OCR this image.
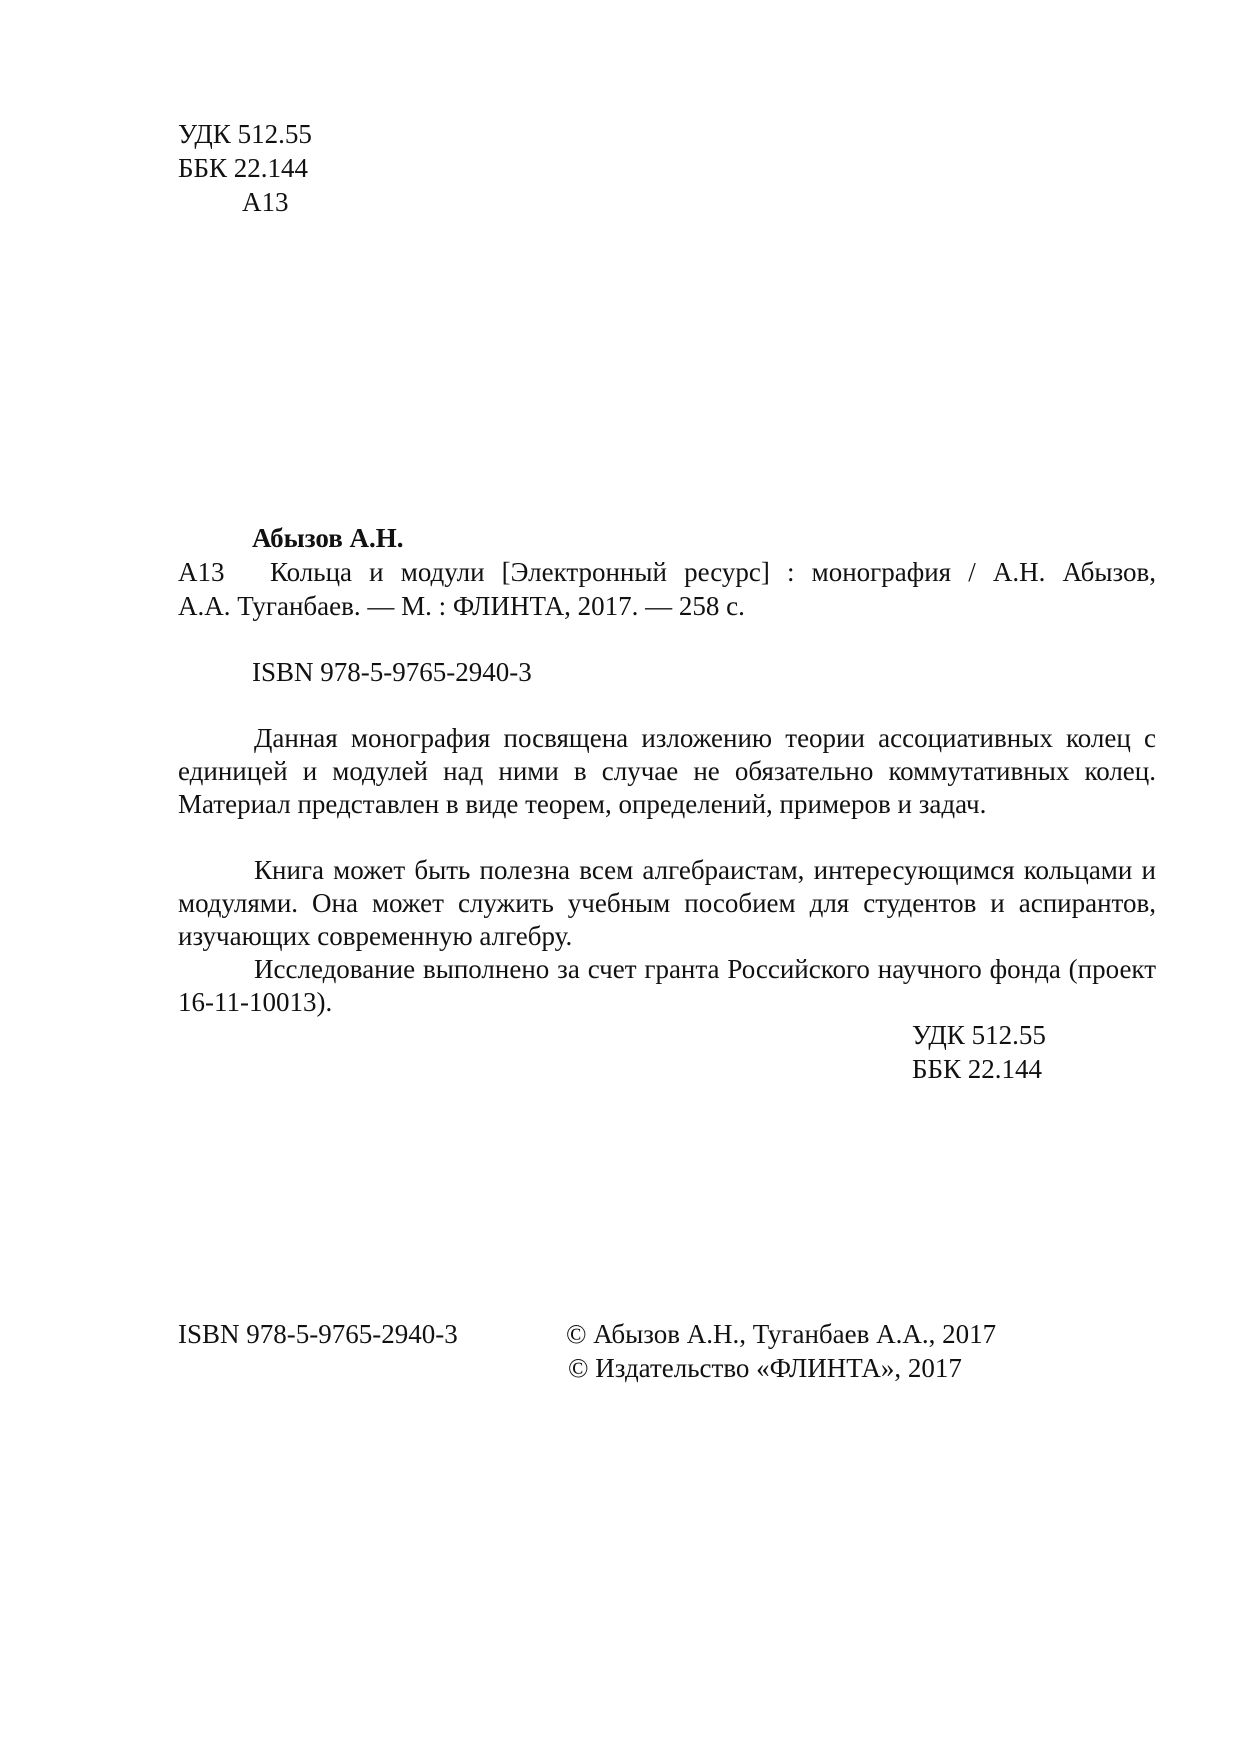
УДК 512.55
ББК 22.144
А13
Абызов А.Н.
А13 Кольца и модули [Электронный ресурс] : монография / А.Н. Абызов,
А.А. Туганбаев. — М. : ФЛИНТА, 2017. — 258 с.
ISBN 978-5-9765-2940-3
Данная монография посвящена изложению теории ассоциативных колец с единицей и модулей над ними в случае не обязательно коммутативных колец. Материал представлен в виде теорем, определений, примеров и задач.
Книга может быть полезна всем алгебраистам, интересующимся кольцами и модулями. Она может служить учебным пособием для студентов и аспирантов, изучающих современную алгебру.
Исследование выполнено за счет гранта Российского научного фонда (проект 16-11-10013).
УДК 512.55
ББК 22.144
ISBN 978-5-9765-2940-3	© Абызов А.Н., Туганбаев А.А., 2017
© Издательство «ФЛИНТА», 2017
